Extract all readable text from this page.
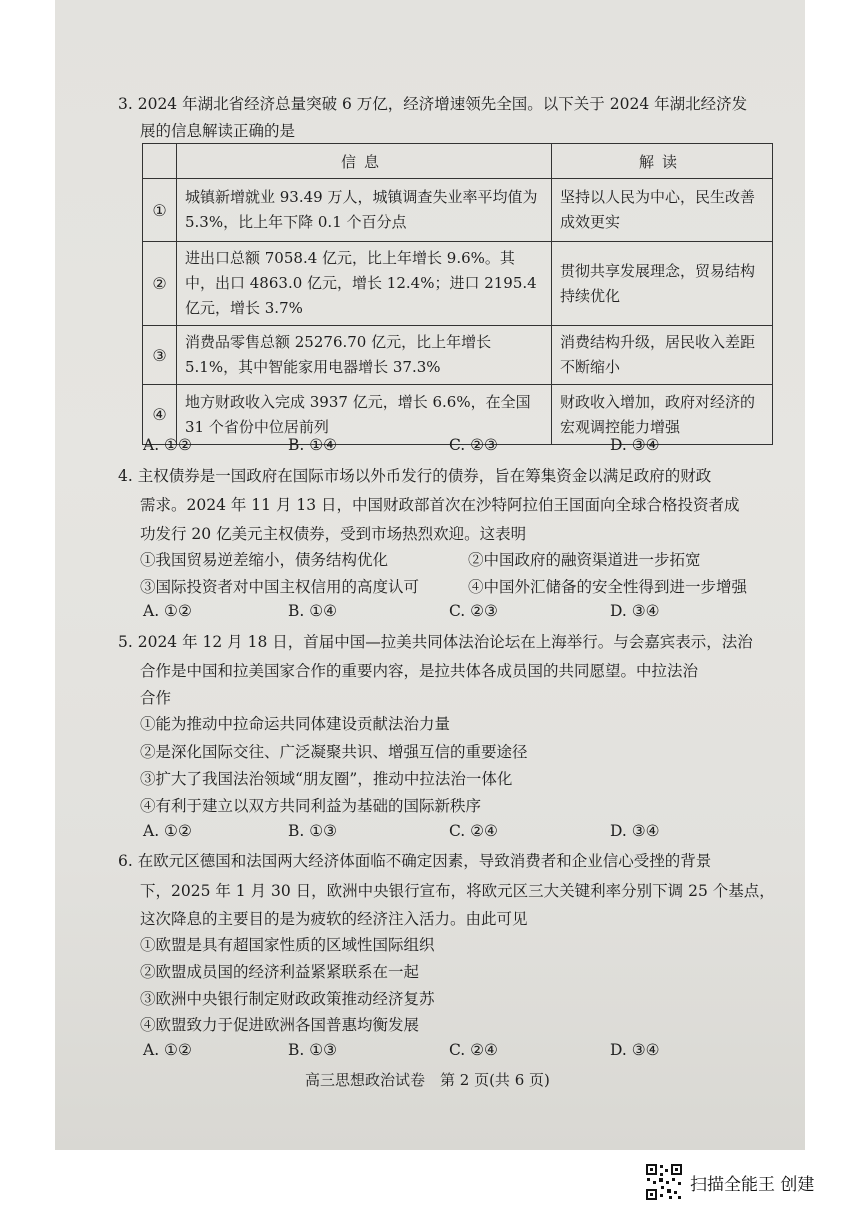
3. 2024 年湖北省经济总量突破 6 万亿，经济增速领先全国。以下关于 2024 年湖北经济发
展的信息解读正确的是
	信息	解读
①	城镇新增就业 93.49 万人，城镇调查失业率平均值为 5.3%，比上年下降 0.1 个百分点	坚持以人民为中心，民生改善成效更实
②	进出口总额 7058.4 亿元，比上年增长 9.6%。其中，出口 4863.0 亿元，增长 12.4%；进口 2195.4 亿元，增长 3.7%	贯彻共享发展理念，贸易结构持续优化
③	消费品零售总额 25276.70 亿元，比上年增长 5.1%，其中智能家用电器增长 37.3%	消费结构升级，居民收入差距不断缩小
④	地方财政收入完成 3937 亿元，增长 6.6%，在全国 31 个省份中位居前列	财政收入增加，政府对经济的宏观调控能力增强
A. ①②	B. ①④	C. ②③	D. ③④
4. 主权债券是一国政府在国际市场以外币发行的债券，旨在筹集资金以满足政府的财政
需求。2024 年 11 月 13 日，中国财政部首次在沙特阿拉伯王国面向全球合格投资者成
功发行 20 亿美元主权债券，受到市场热烈欢迎。这表明
①我国贸易逆差缩小，债务结构优化	②中国政府的融资渠道进一步拓宽
③国际投资者对中国主权信用的高度认可	④中国外汇储备的安全性得到进一步增强
A. ①②	B. ①④	C. ②③	D. ③④
5. 2024 年 12 月 18 日，首届中国—拉美共同体法治论坛在上海举行。与会嘉宾表示，法治
合作是中国和拉美国家合作的重要内容，是拉共体各成员国的共同愿望。中拉法治
合作
①能为推动中拉命运共同体建设贡献法治力量
②是深化国际交往、广泛凝聚共识、增强互信的重要途径
③扩大了我国法治领域“朋友圈”，推动中拉法治一体化
④有利于建立以双方共同利益为基础的国际新秩序
A. ①②	B. ①③	C. ②④	D. ③④
6. 在欧元区德国和法国两大经济体面临不确定因素，导致消费者和企业信心受挫的背景
下，2025 年 1 月 30 日，欧洲中央银行宣布，将欧元区三大关键利率分别下调 25 个基点，
这次降息的主要目的是为疲软的经济注入活力。由此可见
①欧盟是具有超国家性质的区域性国际组织
②欧盟成员国的经济利益紧紧联系在一起
③欧洲中央银行制定财政政策推动经济复苏
④欧盟致力于促进欧洲各国普惠均衡发展
A. ①②	B. ①③	C. ②④	D. ③④
高三思想政治试卷　第 2 页(共 6 页)
扫描全能王 创建
